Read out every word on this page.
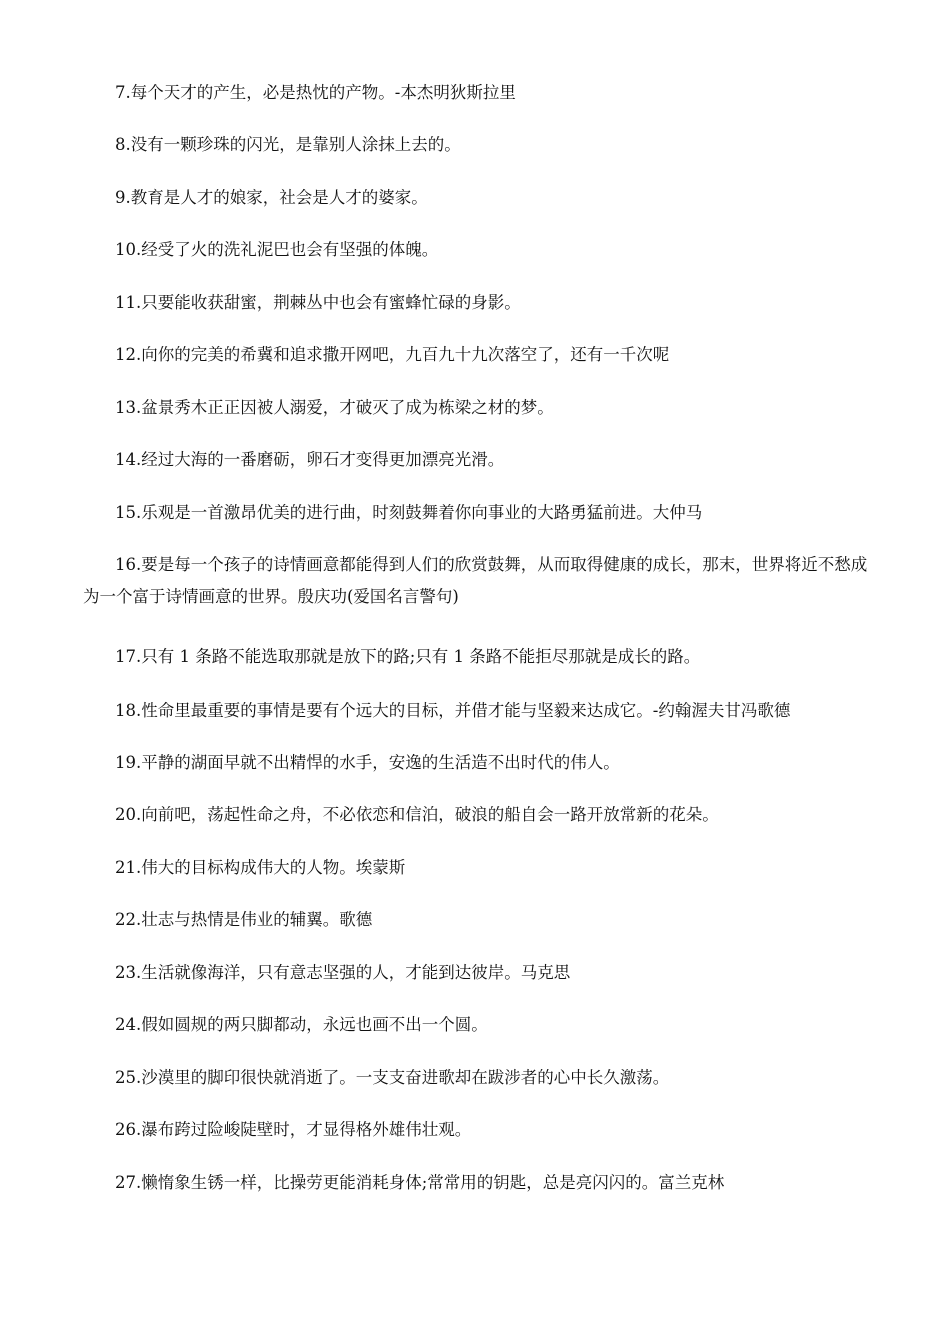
7.每个天才的产生，必是热忱的产物。-本杰明狄斯拉里

8.没有一颗珍珠的闪光，是靠别人涂抹上去的。

9.教育是人才的娘家，社会是人才的婆家。

10.经受了火的洗礼泥巴也会有坚强的体魄。

11.只要能收获甜蜜，荆棘丛中也会有蜜蜂忙碌的身影。

12.向你的完美的希冀和追求撒开网吧，九百九十九次落空了，还有一千次呢

13.盆景秀木正正因被人溺爱，才破灭了成为栋梁之材的梦。

14.经过大海的一番磨砺，卵石才变得更加漂亮光滑。

15.乐观是一首激昂优美的进行曲，时刻鼓舞着你向事业的大路勇猛前进。大仲马

16.要是每一个孩子的诗情画意都能得到人们的欣赏鼓舞，从而取得健康的成长，那末，世界将近不愁成为一个富于诗情画意的世界。殷庆功(爱国名言警句)

17.只有 1 条路不能选取那就是放下的路;只有 1 条路不能拒尽那就是成长的路。

18.性命里最重要的事情是要有个远大的目标，并借才能与坚毅来达成它。-约翰渥夫甘冯歌德

19.平静的湖面早就不出精悍的水手，安逸的生活造不出时代的伟人。

20.向前吧，荡起性命之舟，不必依恋和信泊，破浪的船自会一路开放常新的花朵。

21.伟大的目标构成伟大的人物。埃蒙斯

22.壮志与热情是伟业的辅翼。歌德

23.生活就像海洋，只有意志坚强的人，才能到达彼岸。马克思

24.假如圆规的两只脚都动，永远也画不出一个圆。

25.沙漠里的脚印很快就消逝了。一支支奋进歌却在跋涉者的心中长久激荡。

26.瀑布跨过险峻陡壁时，才显得格外雄伟壮观。

27.懒惰象生锈一样，比操劳更能消耗身体;常常用的钥匙，总是亮闪闪的。富兰克林
